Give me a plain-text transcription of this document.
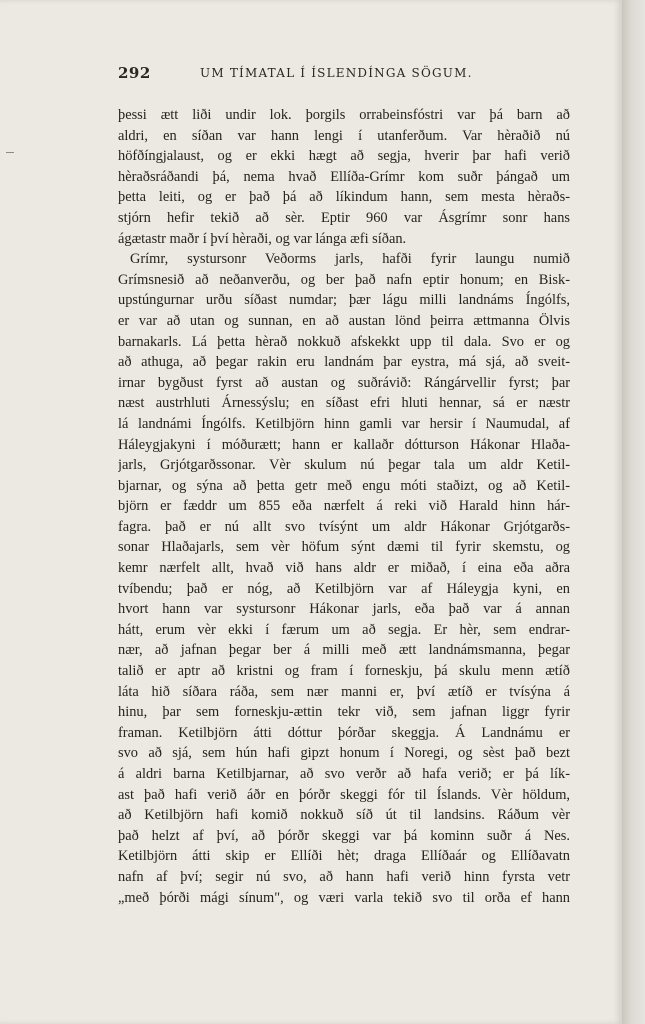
292	UM TÍMATAL Í ÍSLENDÍNGA SÖGUM.
þessi ætt liði undir lok. þorgils orrabeinsfóstri var þá barn að
aldri, en síðan var hann lengi í utanferðum. Var hèraðið nú
höfðíngjalaust, og er ekki hægt að segja, hverir þar hafi verið
hèraðsráðandi þá, nema hvað Ellíða-Grímr kom suðr þángað um
þetta leiti, og er það þá að líkindum hann, sem mesta hèraðs-
stjórn hefir tekið að sèr. Eptir 960 var Ásgrímr sonr hans
ágætastr maðr í því hèraði, og var lánga æfi síðan.
Grímr, systursonr Veðorms jarls, hafði fyrir laungu numið
Grímsnesið að neðanverðu, og ber það nafn eptir honum; en Bisk-
upstúngurnar urðu síðast numdar; þær lágu milli landnáms Íngólfs,
er var að utan og sunnan, en að austan lönd þeirra ættmanna Ölvis
barnakarls. Lá þetta hèrað nokkuð afskekkt upp til dala. Svo er og
að athuga, að þegar rakin eru landnám þar eystra, má sjá, að sveit-
irnar bygðust fyrst að austan og suðrávið: Rángárvellir fyrst; þar
næst austrhluti Árnessýslu; en síðast efri hluti hennar, sá er næstr
lá landnámi Íngólfs. Ketilbjörn hinn gamli var hersir í Naumudal, af
Háleygjakyni í móðurætt; hann er kallaðr dótturson Hákonar Hlaða-
jarls, Grjótgarðssonar. Vèr skulum nú þegar tala um aldr Ketil-
bjarnar, og sýna að þetta getr með engu móti staðizt, og að Ketil-
björn er fæddr um 855 eða nærfelt á reki við Harald hinn hár-
fagra. það er nú allt svo tvísýnt um aldr Hákonar Grjótgarðs-
sonar Hlaðajarls, sem vèr höfum sýnt dæmi til fyrir skemstu, og
kemr nærfelt allt, hvað við hans aldr er miðað, í eina eða aðra
tvíbendu; það er nóg, að Ketilbjörn var af Háleygja kyni, en
hvort hann var systursonr Hákonar jarls, eða það var á annan
hátt, erum vèr ekki í færum um að segja. Er hèr, sem endrar-
nær, að jafnan þegar ber á milli með ætt landnámsmanna, þegar
talið er aptr að kristni og fram í forneskju, þá skulu menn ætíð
láta hið síðara ráða, sem nær manni er, því ætíð er tvísýna á
hinu, þar sem forneskju-ættin tekr við, sem jafnan liggr fyrir
framan. Ketilbjörn átti dóttur þórðar skeggja. Á Landnámu er
svo að sjá, sem hún hafi gipzt honum í Noregi, og sèst það bezt
á aldri barna Ketilbjarnar, að svo verðr að hafa verið; er þá lík-
ast það hafi verið áðr en þórðr skeggi fór til Íslands. Vèr höldum,
að Ketilbjörn hafi komið nokkuð síð út til landsins. Ráðum vèr
það helzt af því, að þórðr skeggi var þá kominn suðr á Nes.
Ketilbjörn átti skip er Ellíði hèt; draga Ellíðaár og Ellíðavatn
nafn af því; segir nú svo, að hann hafi verið hinn fyrsta vetr
„með þórði mági sínum", og væri varla tekið svo til orða ef hann
